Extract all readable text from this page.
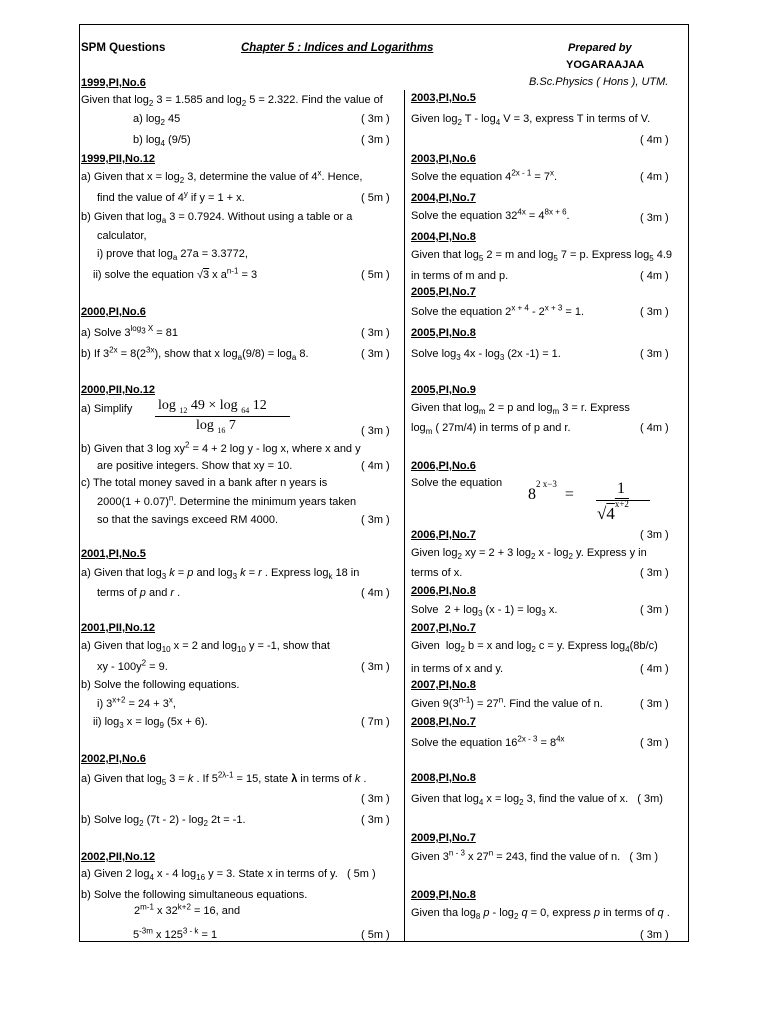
SPM Questions	Chapter 5 : Indices and Logarithms	Prepared by
YOGARAAJAA
B.Sc.Physics ( Hons ), UTM.
1999,PI,No.6
Given that $\log_2 3 = 1.585$ and $\log_2 5 = 2.322$. Find the value of
a) $\log_2 45$	( 3m )
b) $\log_4 (9/5)$	( 3m )
1999,PII,No.12
a) Given that $x = \log_2 3$, determine the value of 4$^x$. Hence,
find the value of 4$^y$ if y = 1 + x.	( 5m )
b) Given that $\log_a 3 = 0.7924$. Without using a table or a
calculator,
i) prove that $\log_a 27a = 3.3772$,
ii) solve the equation √3 x $a^{n-1} = 3$	( 5m )
2000,PI,No.6
a) Solve $3^{log_3 X} = 81$	( 3m )
b) If $3^{2x} = 8(2^{3x})$, show that x $\log_a(9/8) = \log_a 8$.	( 3m )
2000,PII,No.12
a) Simplify
( 3m )
b) Given that 3 $\log xy^2 = 4 + 2$ log y - log x, where x and y
are positive integers. Show that xy = 10.	( 4m )
c) The total money saved in a bank after n years is
$2000(1 + 0.07)^n$. Determine the minimum years taken
so that the savings exceed RM 4000.	( 3m )
2001,PI,No.5
a) Given that $\log_3 k = p$ and $\log_3 k = r$ . Express $\log_k 18$ in
terms of p and r .	( 4m )
2001,PII,No.12
a) Given that $\log_{10} x = 2$ and $\log_{10} y = -1$, show that
xy - $100y^2 = 9$.	( 3m )
b) Solve the following equations.
i) $3^{x+2} = 24 + 3^x$,
ii) $\log_3 x = \log_9 (5x + 6)$.	( 7m )
2002,PI,No.6
a) Given that $\log_5 3 = k$ . If $5^{2\lambda-1} = 15$, state λ in terms of k .
( 3m )
b) Solve $\log_2 (7t - 2) - \log_2 2t = -1$.	( 3m )
2002,PII,No.12
a) Given 2 $\log_4 x - 4$ $\log_{16} y = 3$. State x in terms of y.   ( 5m )
b) Solve the following simultaneous equations.
2$^{m-1}$ x $32^{k+2} = 16$, and
$5^{-3m}$ x $125^{3 - k} = 1$	( 5m )
2003,PI,No.5
Given $\log_2 T - \log_4 V = 3$, express T in terms of V.
( 4m )
2003,PI,No.6
Solve the equation $4^{2x - 1} = 7^x$.	( 4m )
2004,PI,No.7
Solve the equation $32^{4x} = 4^{8x + 6}$.	( 3m )
2004,PI,No.8
Given that $\log_5 2 = m$ and $\log_5 7 = p$. Express $\log_5 4.9$
in terms of m and p.	( 4m )
2005,PI,No.7
Solve the equation $2^{x + 4} - 2^{x + 3} = 1$.	( 3m )
2005,PI,No.8
Solve $\log_3 4x - \log_3 (2x$ -1) = 1.	( 3m )
2005,PI,No.9
Given that $\log_m 2 = p$ and $\log_m 3 = r$. Express
$\log_m$ ( 27m/4) in terms of p and r.	( 4m )
2006,PI,No.6
Solve the equation
( 3m )
2006,PI,No.7
Given $\log_2$ xy = 2 + 3 $\log_2 x - \log_2 y$. Express y in
terms of x.	( 3m )
2006,PI,No.8
Solve  $2 + \log_3 (x - 1) = \log_3 x$.	( 3m )
2007,PI,No.7
Given  $\log_2 b = x$ and $\log_2 c = y$. Express $\log_4(8b/c)$
in terms of x and y.	( 4m )
2007,PI,No.8
Given $9(3^{n-1}) = 27^n$. Find the value of n.	( 3m )
2008,PI,No.7
Solve the equation $16^{2x - 3} = 8^{4x}$	( 3m )
2008,PI,No.8
Given that $\log_4 x = \log_2 3$, find the value of x.   ( 3m)
2009,PI,No.7
Given 3$^{n - 3}$ x $27^n = 243$, find the value of n.   ( 3m )
2009,PI,No.8
Given tha $\log_8 p - \log_2 q = 0$, express p in terms of q .
( 3m )
log $_{12}$ 49 × log $_{64}$ 12
log $_{16}$ 7
$8^{2 x-3}$  =	1
$√4^{x+2}$
